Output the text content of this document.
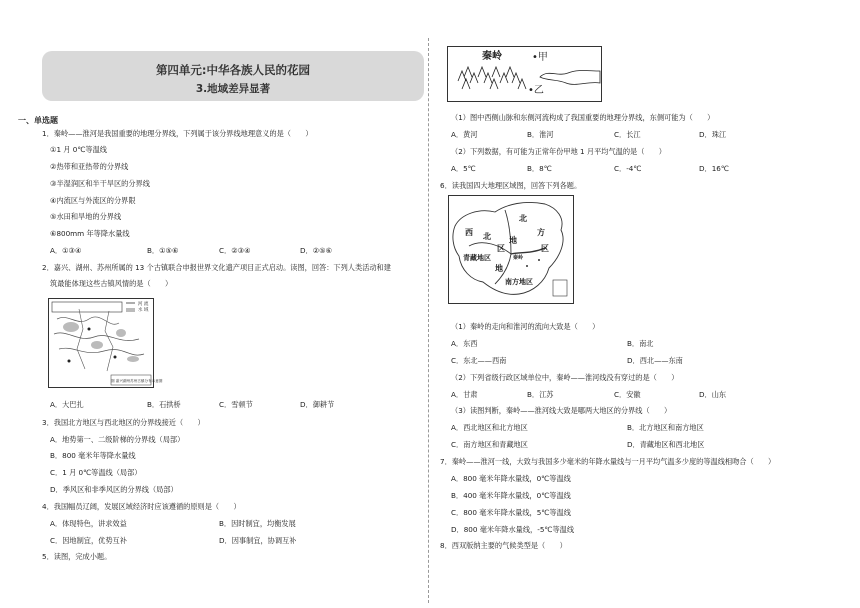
第四单元:中华各族人民的花园
3.地域差异显著
一、单选题
1．秦岭——淮河是我国重要的地理分界线，下列属于该分界线地理意义的是（　　）
①1 月 0℃等温线
②热带和亚热带的分界线
③半湿润区和半干旱区的分界线
④内流区与外流区的分界限
⑤水田和旱地的分界线
⑥800mm 年等降水量线
A．①③④	B．①⑤⑥	C．②③④	D．②⑤⑥
2．嘉兴、湖州、苏州所属的 13 个古镇联合申报世界文化遗产项目正式启动。读图，回答：下列人类活动和建
筑最能体现这些古镇风情的是（　　）
河 流
水 域
图 嘉兴湖州苏州古镇分布示意图
A．大巴扎	B．石拱桥	C．雪顿节	D．御耕节
3．我国北方地区与西北地区的分界线接近（　　）
A．地势第一、二级阶梯的分界线（局部）
B．800 毫米年等降水量线
C．1 月 0℃等温线（局部）
D．季风区和非季风区的分界线（局部）
4．我国幅员辽阔，发展区域经济时应该遵循的原则是（　　）
A．体现特色，讲求效益	B．因时制宜，均衡发展
C．因地制宜，优势互补	D．因事制宜，协调互补
5．读图，完成小题。
秦岭	•甲
•乙
（1）图中西侧山脉和东侧河流构成了我国重要的地理分界线，东侧可能为（　　）
A．黄河	B．淮河	C．长江	D．珠江
（2）下列数据，有可能为正常年份甲地 1 月平均气温的是（　　）
A．5℃	B．8℃	C．-4℃	D．16℃
6．读我国四大地理区域图，回答下列各题。
北
方
西 北 地
区	区
青藏地区	秦岭
南方地区
地
（1）秦岭的走向和淮河的流向大致是（　　）
A．东西	B．南北
C．东北——西南	D．西北——东南
（2）下列省级行政区域单位中，秦岭——淮河线没有穿过的是（　　）
A．甘肃	B．江苏	C．安徽	D．山东
（3）读图判断，秦岭——淮河线大致是哪两大地区的分界线（　　）
A．西北地区和北方地区	B．北方地区和南方地区
C．南方地区和青藏地区	D．青藏地区和西北地区
7．秦岭——淮河一线，大致与我国多少毫米的年降水量线与一月平均气温多少度的等温线相吻合（　　）
A．800 毫米年降水量线，0℃等温线
B．400 毫米年降水量线，0℃等温线
C．800 毫米年降水量线，5℃等温线
D．800 毫米年降水量线，-5℃等温线
8．西双版纳主要的气候类型是（　　）
